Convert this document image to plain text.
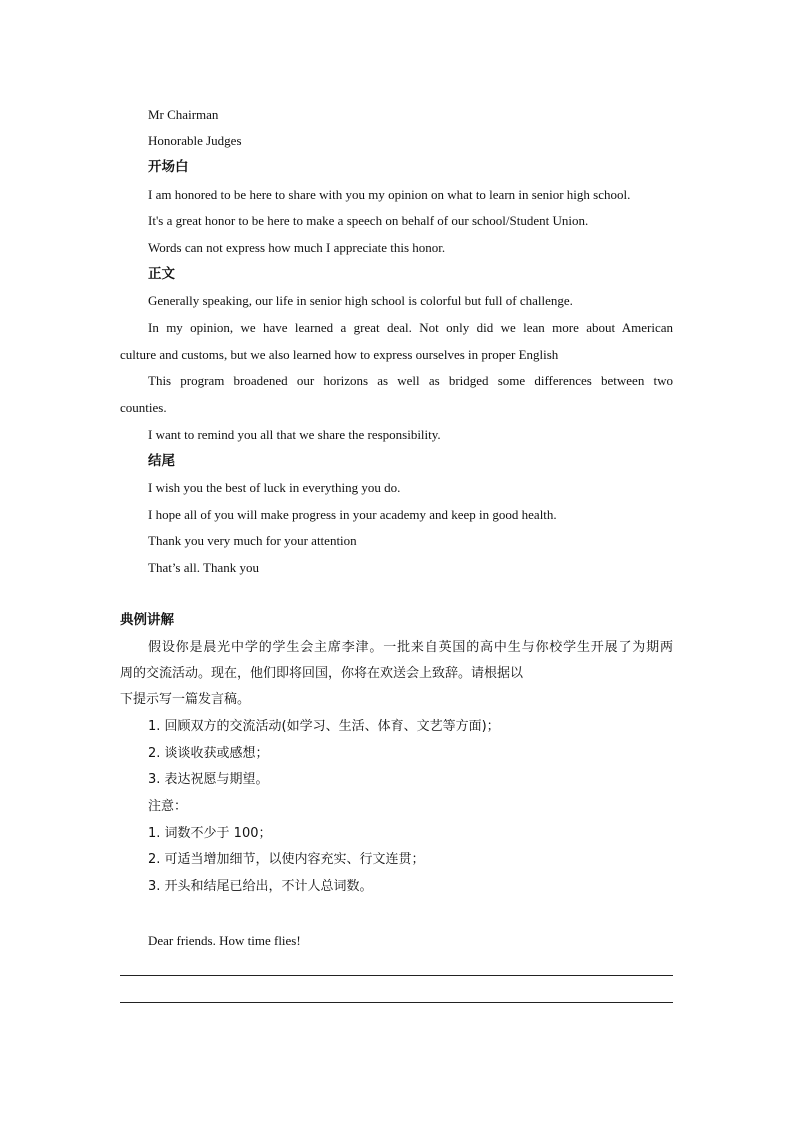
Mr Chairman
Honorable Judges
开场白
I am honored to be here to share with you my opinion on what to learn in senior high school.
It's a great honor to be here to make a speech on behalf of our school/Student Union.
Words can not express how much I appreciate this honor.
正文
Generally speaking, our life in senior high school is colorful but full of challenge.
In my opinion, we have learned a great deal. Not only did we lean more about American
culture and customs, but we also learned how to express ourselves in proper English
This program broadened our horizons as well as bridged some differences between two
counties.
I want to remind you all that we share the responsibility.
结尾
I wish you the best of luck in everything you do.
I hope all of you will make progress in your academy and keep in good health.
Thank you very much for your attention
That’s all. Thank you
典例讲解
假设你是晨光中学的学生会主席李津。一批来自英国的高中生与你校学生开展了为期两
周的交流活动。现在，他们即将回国，你将在欢送会上致辞。请根据以
下提示写一篇发言稿。
1. 回顾双方的交流活动(如学习、生活、体育、文艺等方面)；
2. 谈谈收获或感想；
3. 表达祝愿与期望。
注意：
1. 词数不少于 100；
2. 可适当增加细节，以使内容充实、行文连贯；
3. 开头和结尾已给出，不计人总词数。
Dear friends. How time flies!
